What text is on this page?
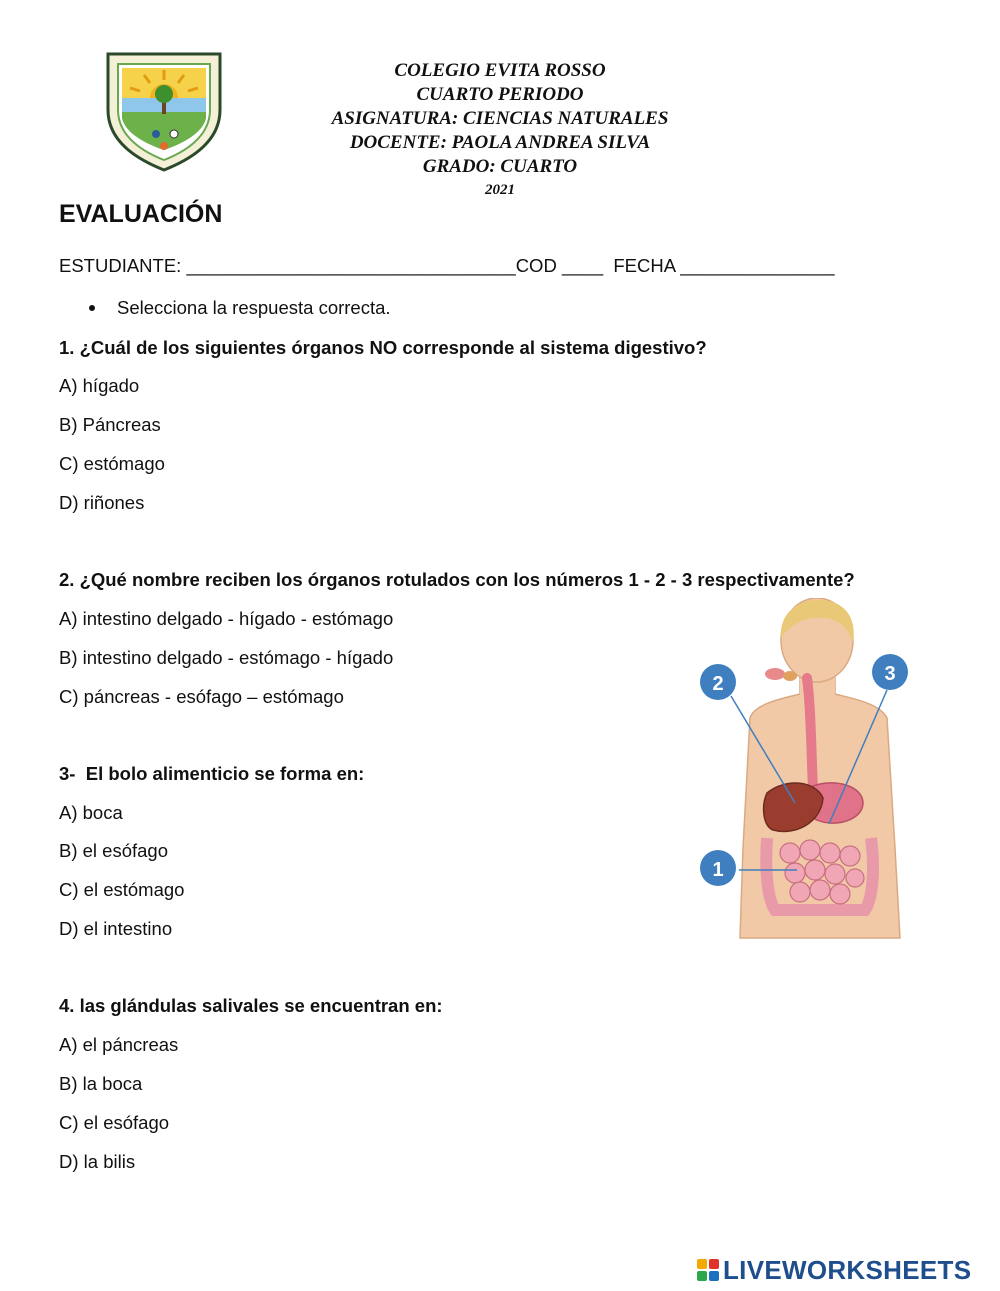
COLEGIO EVITA ROSSO
CUARTO PERIODO
ASIGNATURA: CIENCIAS NATURALES
DOCENTE: PAOLA ANDREA SILVA
GRADO: CUARTO
2021
EVALUACIÓN
ESTUDIANTE: ________________________________COD ____  FECHA _______________
Selecciona la respuesta correcta.
1. ¿Cuál de los siguientes órganos NO corresponde al sistema digestivo?
A) hígado
B) Páncreas
C) estómago
D) riñones
2. ¿Qué nombre reciben los órganos rotulados con los números 1 - 2 - 3 respectivamente?
A) intestino delgado - hígado - estómago
B) intestino delgado - estómago - hígado
C) páncreas - esófago – estómago
3-  El bolo alimenticio se forma en:
A) boca
B) el esófago
C) el estómago
D) el intestino
4. las glándulas salivales se encuentran en:
A) el páncreas
B) la boca
C) el esófago
D) la bilis
2	3
1
LIVEWORKSHEETS
